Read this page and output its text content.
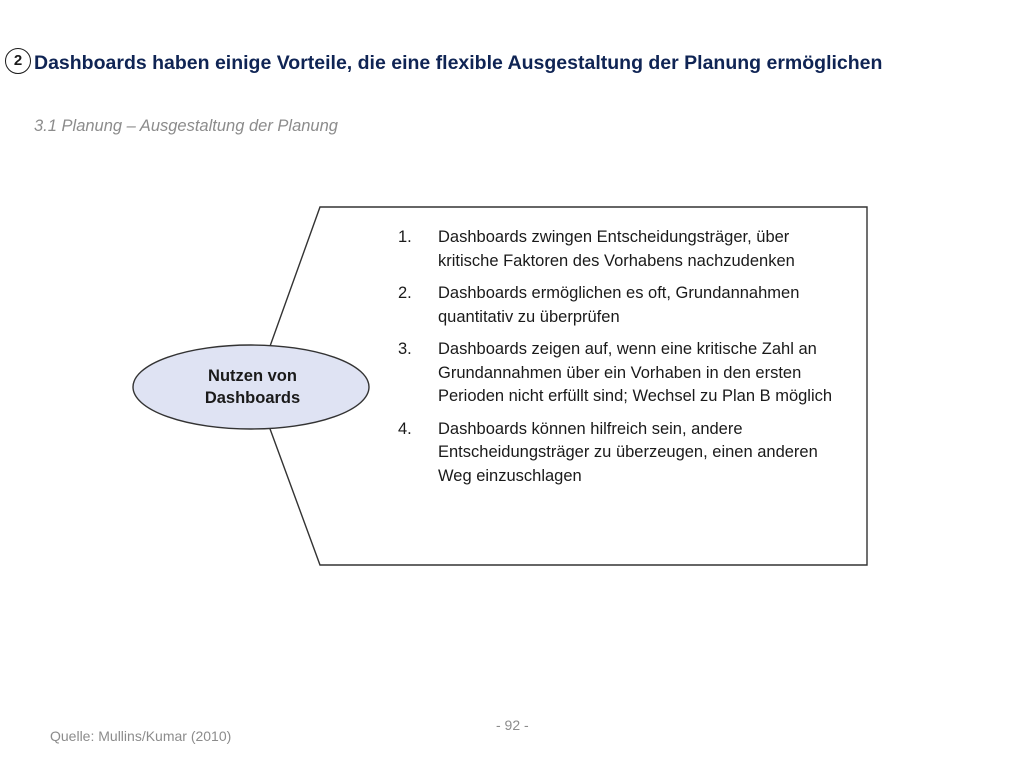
2 Dashboards haben einige Vorteile, die eine flexible Ausgestaltung der Planung ermöglichen
3.1 Planung – Ausgestaltung der Planung
Nutzen von
Dashboards
1. Dashboards zwingen Entscheidungsträger, über kritische Faktoren des Vorhabens nachzudenken
2. Dashboards ermöglichen es oft, Grundannahmen quantitativ zu überprüfen
3. Dashboards zeigen auf, wenn eine kritische Zahl an Grundannahmen über ein Vorhaben in den ersten Perioden nicht erfüllt sind; Wechsel zu Plan B möglich
4. Dashboards können hilfreich sein, andere Entscheidungsträger zu überzeugen, einen anderen Weg einzuschlagen
Quelle: Mullins/Kumar (2010)
- 92 -
